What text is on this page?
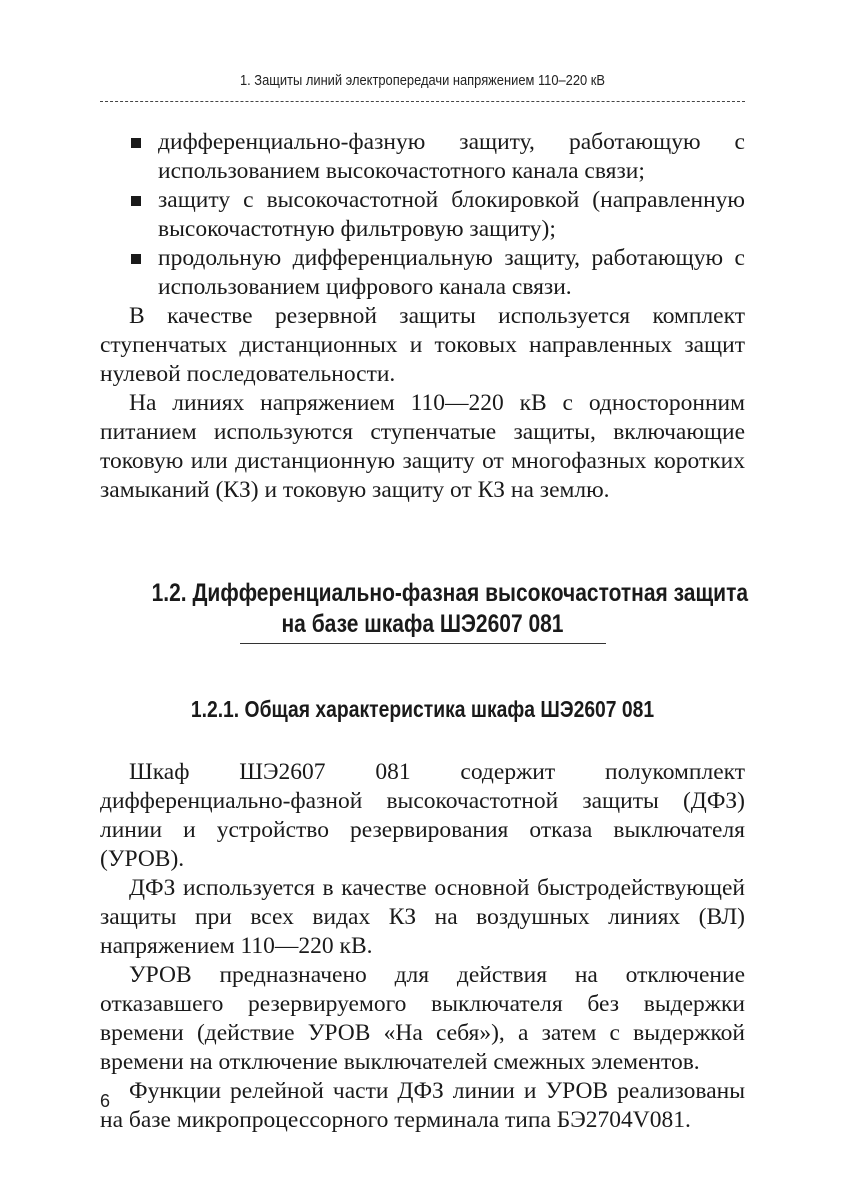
1. Защиты линий электропередачи напряжением 110–220 кВ
дифференциально-фазную защиту, работающую с использованием высокочастотного канала связи;
защиту с высокочастотной блокировкой (направленную высокочастотную фильтровую защиту);
продольную дифференциальную защиту, работающую с использованием цифрового канала связи.

В качестве резервной защиты используется комплект ступенчатых дистанционных и токовых направленных защит нулевой последовательности.

На линиях напряжением 110—220 кВ с односторонним питанием используются ступенчатые защиты, включающие токовую или дистанционную защиту от многофазных коротких замыканий (КЗ) и токовую защиту от КЗ на землю.

1.2. Дифференциально-фазная высокочастотная защита
на базе шкафа ШЭ2607 081
1.2.1. Общая характеристика шкафа ШЭ2607 081

Шкаф ШЭ2607 081 содержит полукомплект дифференциально-фазной высокочастотной защиты (ДФЗ) линии и устройство резервирования отказа выключателя (УРОВ).

ДФЗ используется в качестве основной быстродействующей защиты при всех видах КЗ на воздушных линиях (ВЛ) напряжением 110—220 кВ.

УРОВ предназначено для действия на отключение отказавшего резервируемого выключателя без выдержки времени (действие УРОВ «На себя»), а затем с выдержкой времени на отключение выключателей смежных элементов.

Функции релейной части ДФЗ линии и УРОВ реализованы на базе микропроцессорного терминала типа БЭ2704V081.

6
